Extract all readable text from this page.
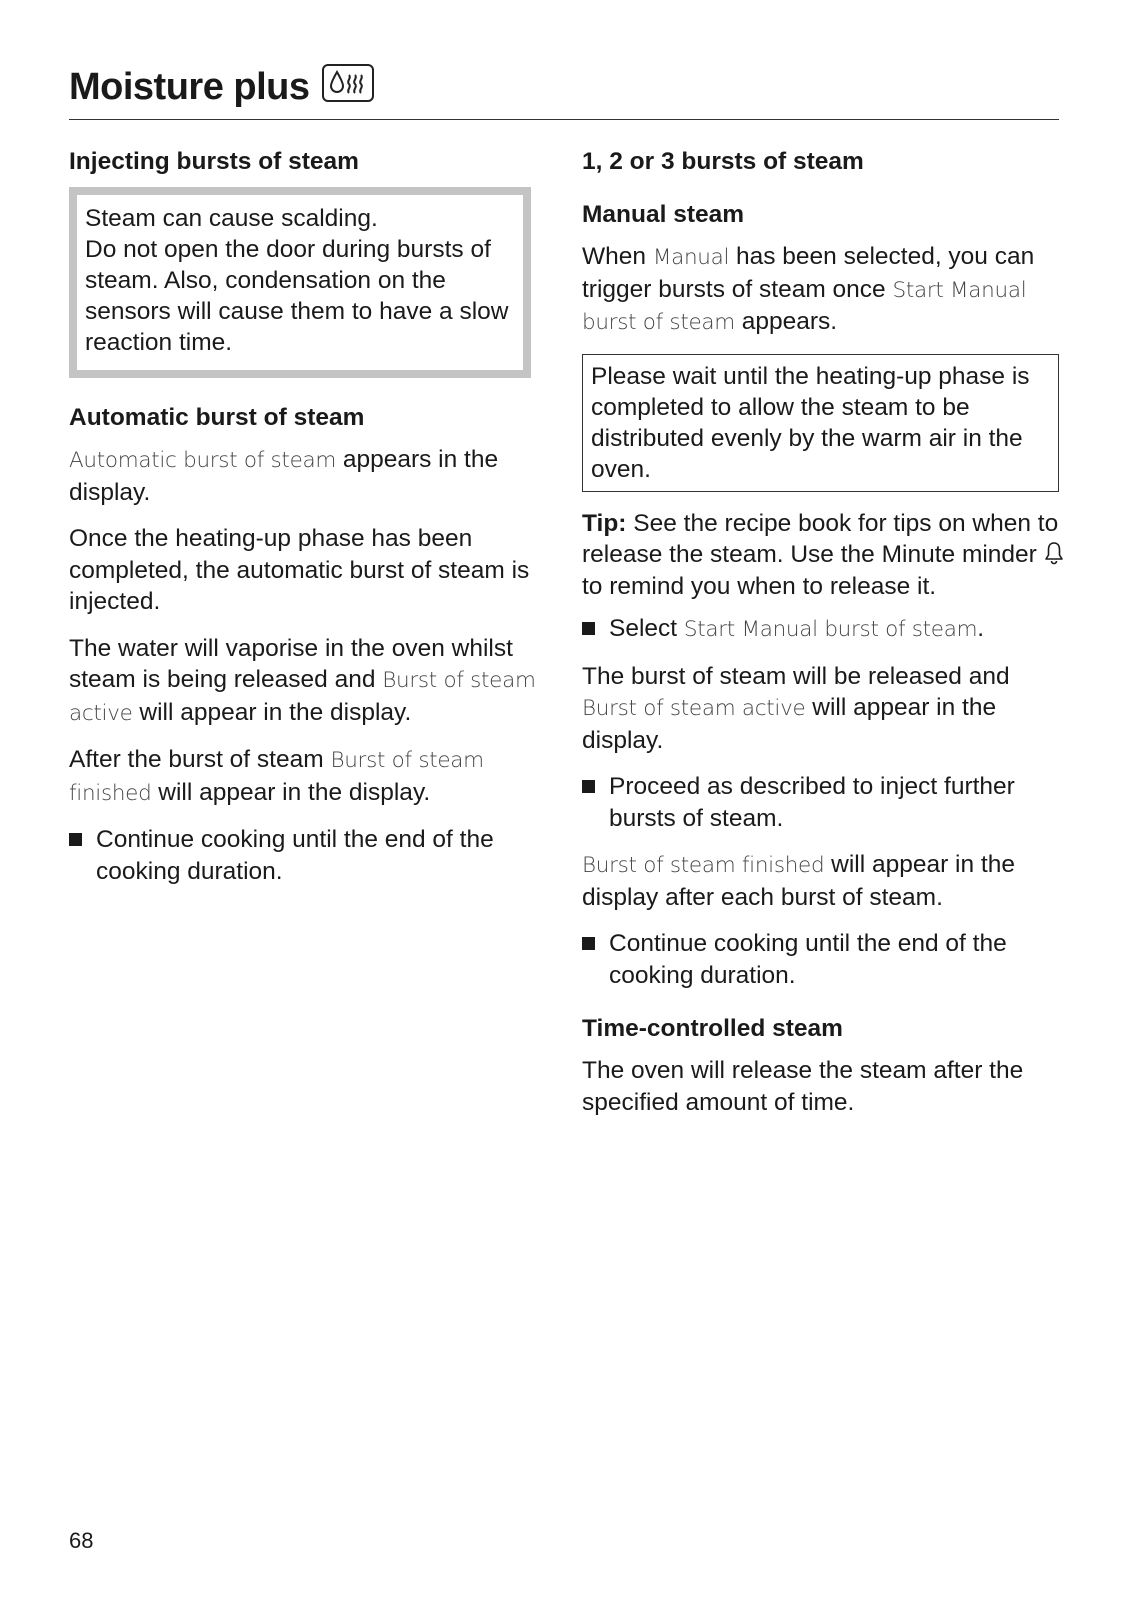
Moisture plus
Injecting bursts of steam

Steam can cause scalding.

Do not open the door during bursts of steam. Also, condensation on the sensors will cause them to have a slow reaction time.

Automatic burst of steam

Automatic burst of steam appears in the display.

Once the heating-up phase has been completed, the automatic burst of steam is injected.

The water will vaporise in the oven whilst steam is being released and Burst of steam active will appear in the display.

After the burst of steam Burst of steam finished will appear in the display.

Continue cooking until the end of the cooking duration.
1, 2 or 3 bursts of steam
Manual steam

When Manual has been selected, you can trigger bursts of steam once Start Manual burst of steam appears.

Please wait until the heating-up phase is completed to allow the steam to be distributed evenly by the warm air in the oven.

Tip: See the recipe book for tips on when to release the steam. Use the Minute minder  to remind you when to release it.

Select Start Manual burst of steam.

The burst of steam will be released and Burst of steam active will appear in the display.

Proceed as described to inject further bursts of steam.

Burst of steam finished will appear in the display after each burst of steam.

Continue cooking until the end of the cooking duration.
Time-controlled steam

The oven will release the steam after the specified amount of time.

68
